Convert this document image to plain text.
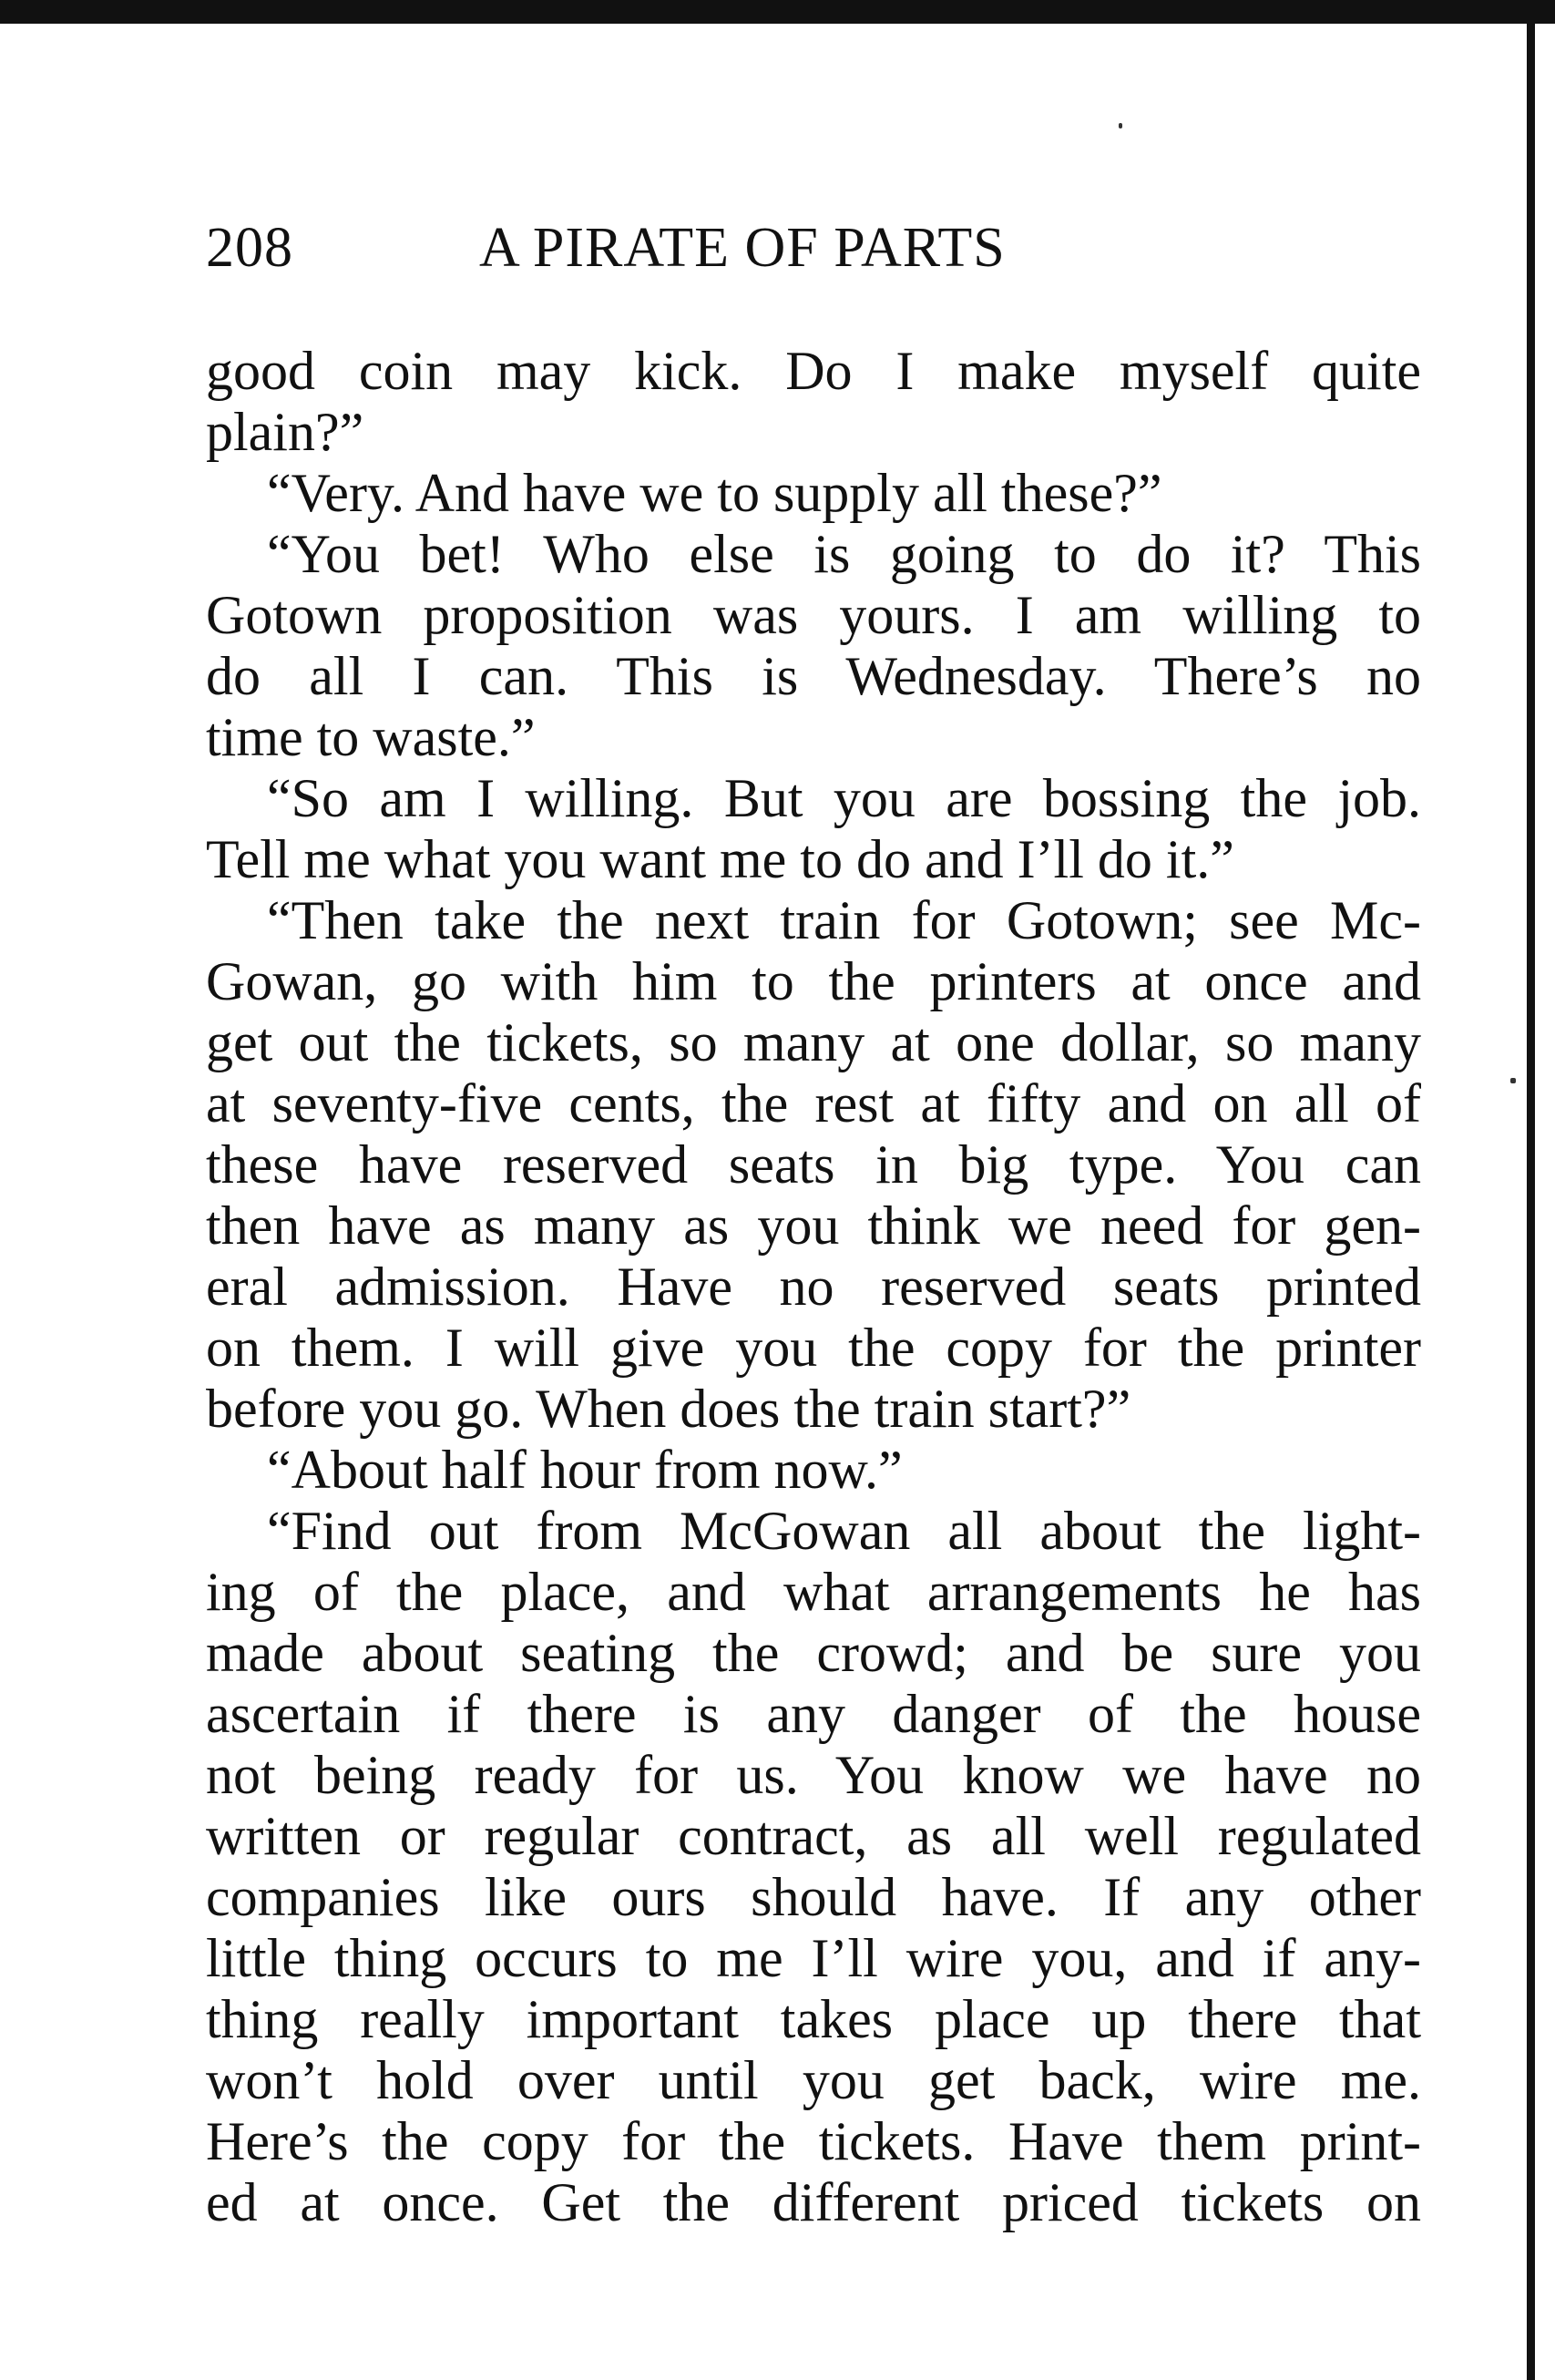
208	A PIRATE OF PARTS
good coin may kick. Do I make myself quite
plain?”
“Very. And have we to supply all these?”
“You bet! Who else is going to do it? This
Gotown proposition was yours. I am willing to
do all I can. This is Wednesday. There’s no
time to waste.”
“So am I willing. But you are bossing the job.
Tell me what you want me to do and I’ll do it.”
“Then take the next train for Gotown; see Mc-
Gowan, go with him to the printers at once and
get out the tickets, so many at one dollar, so many
at seventy-five cents, the rest at fifty and on all of
these have reserved seats in big type. You can
then have as many as you think we need for gen-
eral admission. Have no reserved seats printed
on them. I will give you the copy for the printer
before you go. When does the train start?”
“About half hour from now.”
“Find out from McGowan all about the light-
ing of the place, and what arrangements he has
made about seating the crowd; and be sure you
ascertain if there is any danger of the house
not being ready for us. You know we have no
written or regular contract, as all well regulated
companies like ours should have. If any other
little thing occurs to me I’ll wire you, and if any-
thing really important takes place up there that
won’t hold over until you get back, wire me.
Here’s the copy for the tickets. Have them print-
ed at once. Get the different priced tickets on
